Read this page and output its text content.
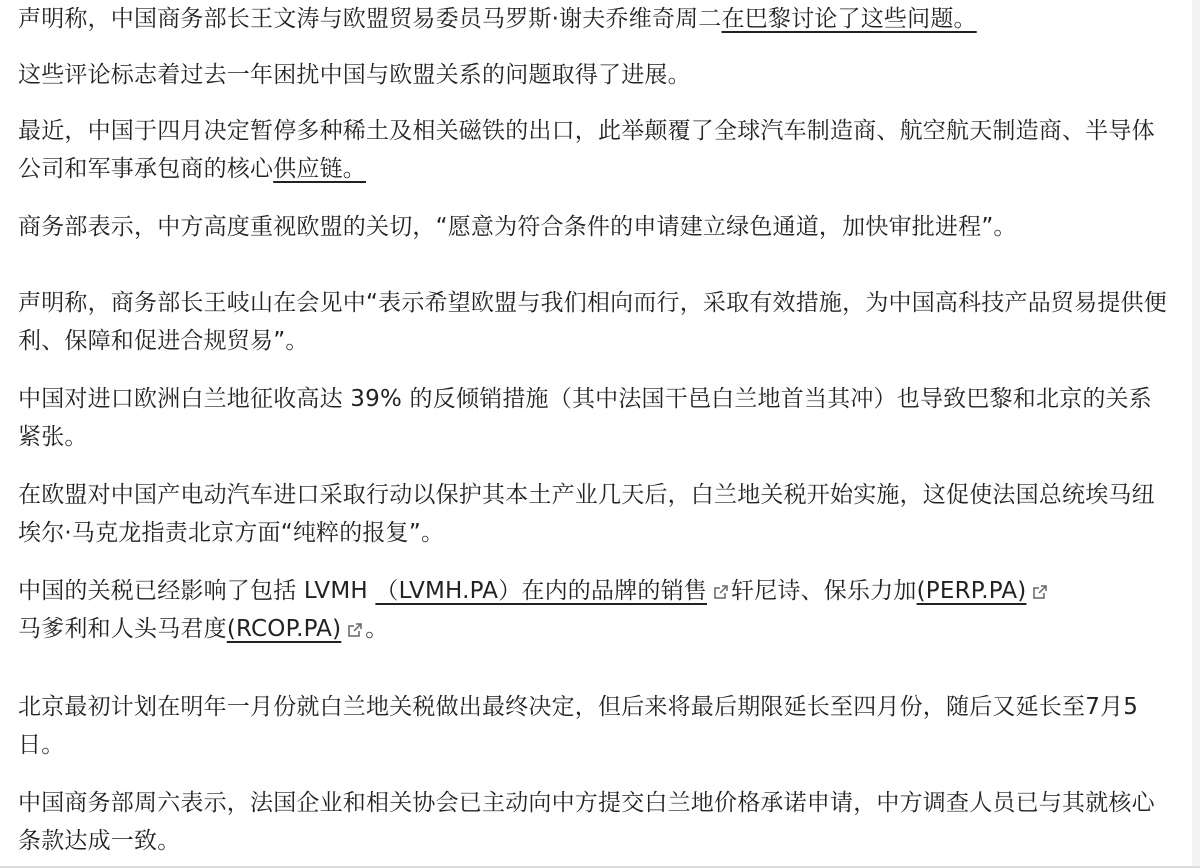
声明称，中国商务部长王文涛与欧盟贸易委员马罗斯·谢夫乔维奇周二在巴黎讨论了这些问题。

这些评论标志着过去一年困扰中国与欧盟关系的问题取得了进展。

最近，中国于四月决定暂停多种稀土及相关磁铁的出口，此举颠覆了全球汽车制造商、航空航天制造商、半导体公司和军事承包商的核心供应链。

商务部表示，中方高度重视欧盟的关切，“愿意为符合条件的申请建立绿色通道，加快审批进程”。

声明称，商务部长王岐山在会见中“表示希望欧盟与我们相向而行，采取有效措施，为中国高科技产品贸易提供便利、保障和促进合规贸易”。

中国对进口欧洲白兰地征收高达 39% 的反倾销措施（其中法国干邑白兰地首当其冲）也导致巴黎和北京的关系紧张。

在欧盟对中国产电动汽车进口采取行动以保护其本土产业几天后，白兰地关税开始实施，这促使法国总统埃马纽埃尔·马克龙指责北京方面“纯粹的报复”。

中国的关税已经影响了包括 LVMH （LVMH.PA）在内的品牌的销售 轩尼诗、保乐力加(PERP.PA)

马爹利和人头马君度(RCOP.PA) 。

北京最初计划在明年一月份就白兰地关税做出最终决定，但后来将最后期限延长至四月份，随后又延长至7月5日。

中国商务部周六表示，法国企业和相关协会已主动向中方提交白兰地价格承诺申请，中方调查人员已与其就核心条款达成一致。
